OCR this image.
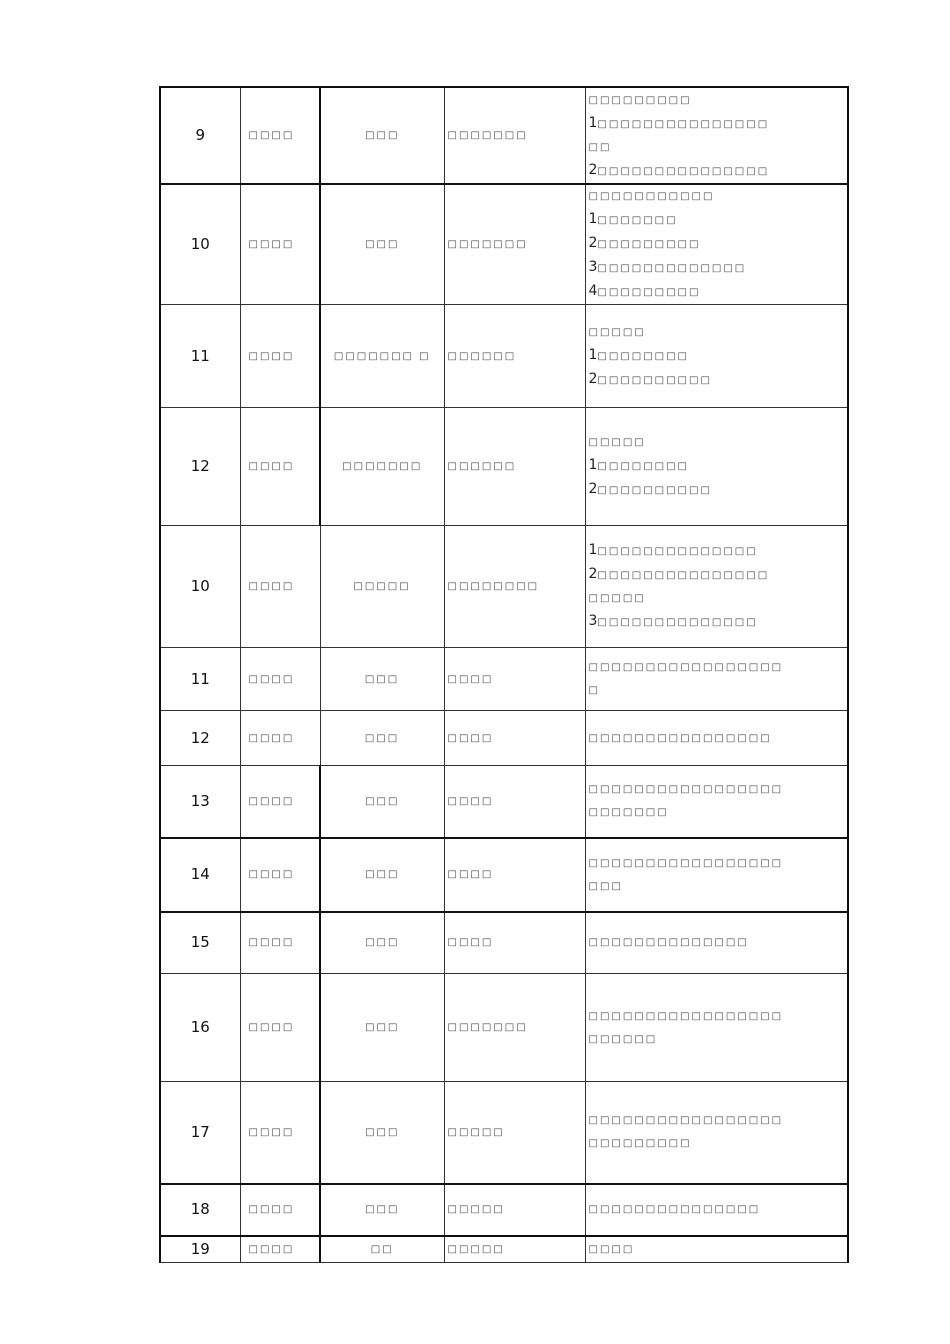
9	□□□□	□□□	□□□□□□□	□□□□□□□□□
1□□□□□□□□□□□□□□□
□□
2□□□□□□□□□□□□□□□

10	□□□□	□□□	□□□□□□□	□□□□□□□□□□□
1□□□□□□□
2□□□□□□□□□
3□□□□□□□□□□□□□
4□□□□□□□□□

11	□□□□	□□□□□□□ □	□□□□□□	□□□□□
1□□□□□□□□
2□□□□□□□□□□

12	□□□□	□□□□□□□	□□□□□□	□□□□□
1□□□□□□□□
2□□□□□□□□□□

10	□□□□	□□□□□	□□□□□□□□	1□□□□□□□□□□□□□□
2□□□□□□□□□□□□□□□
□□□□□
3□□□□□□□□□□□□□□

11	□□□□	□□□	□□□□	□□□□□□□□□□□□□□□□□
□

12	□□□□	□□□	□□□□	□□□□□□□□□□□□□□□□

13	□□□□	□□□	□□□□	□□□□□□□□□□□□□□□□□
□□□□□□□

14	□□□□	□□□	□□□□	□□□□□□□□□□□□□□□□□
□□□

15	□□□□	□□□	□□□□	□□□□□□□□□□□□□□

16	□□□□	□□□	□□□□□□□	□□□□□□□□□□□□□□□□□
□□□□□□

17	□□□□	□□□	□□□□□	□□□□□□□□□□□□□□□□□
□□□□□□□□□

18	□□□□	□□□	□□□□□	□□□□□□□□□□□□□□□

19	□□□□	□□	□□□□□	□□□□
